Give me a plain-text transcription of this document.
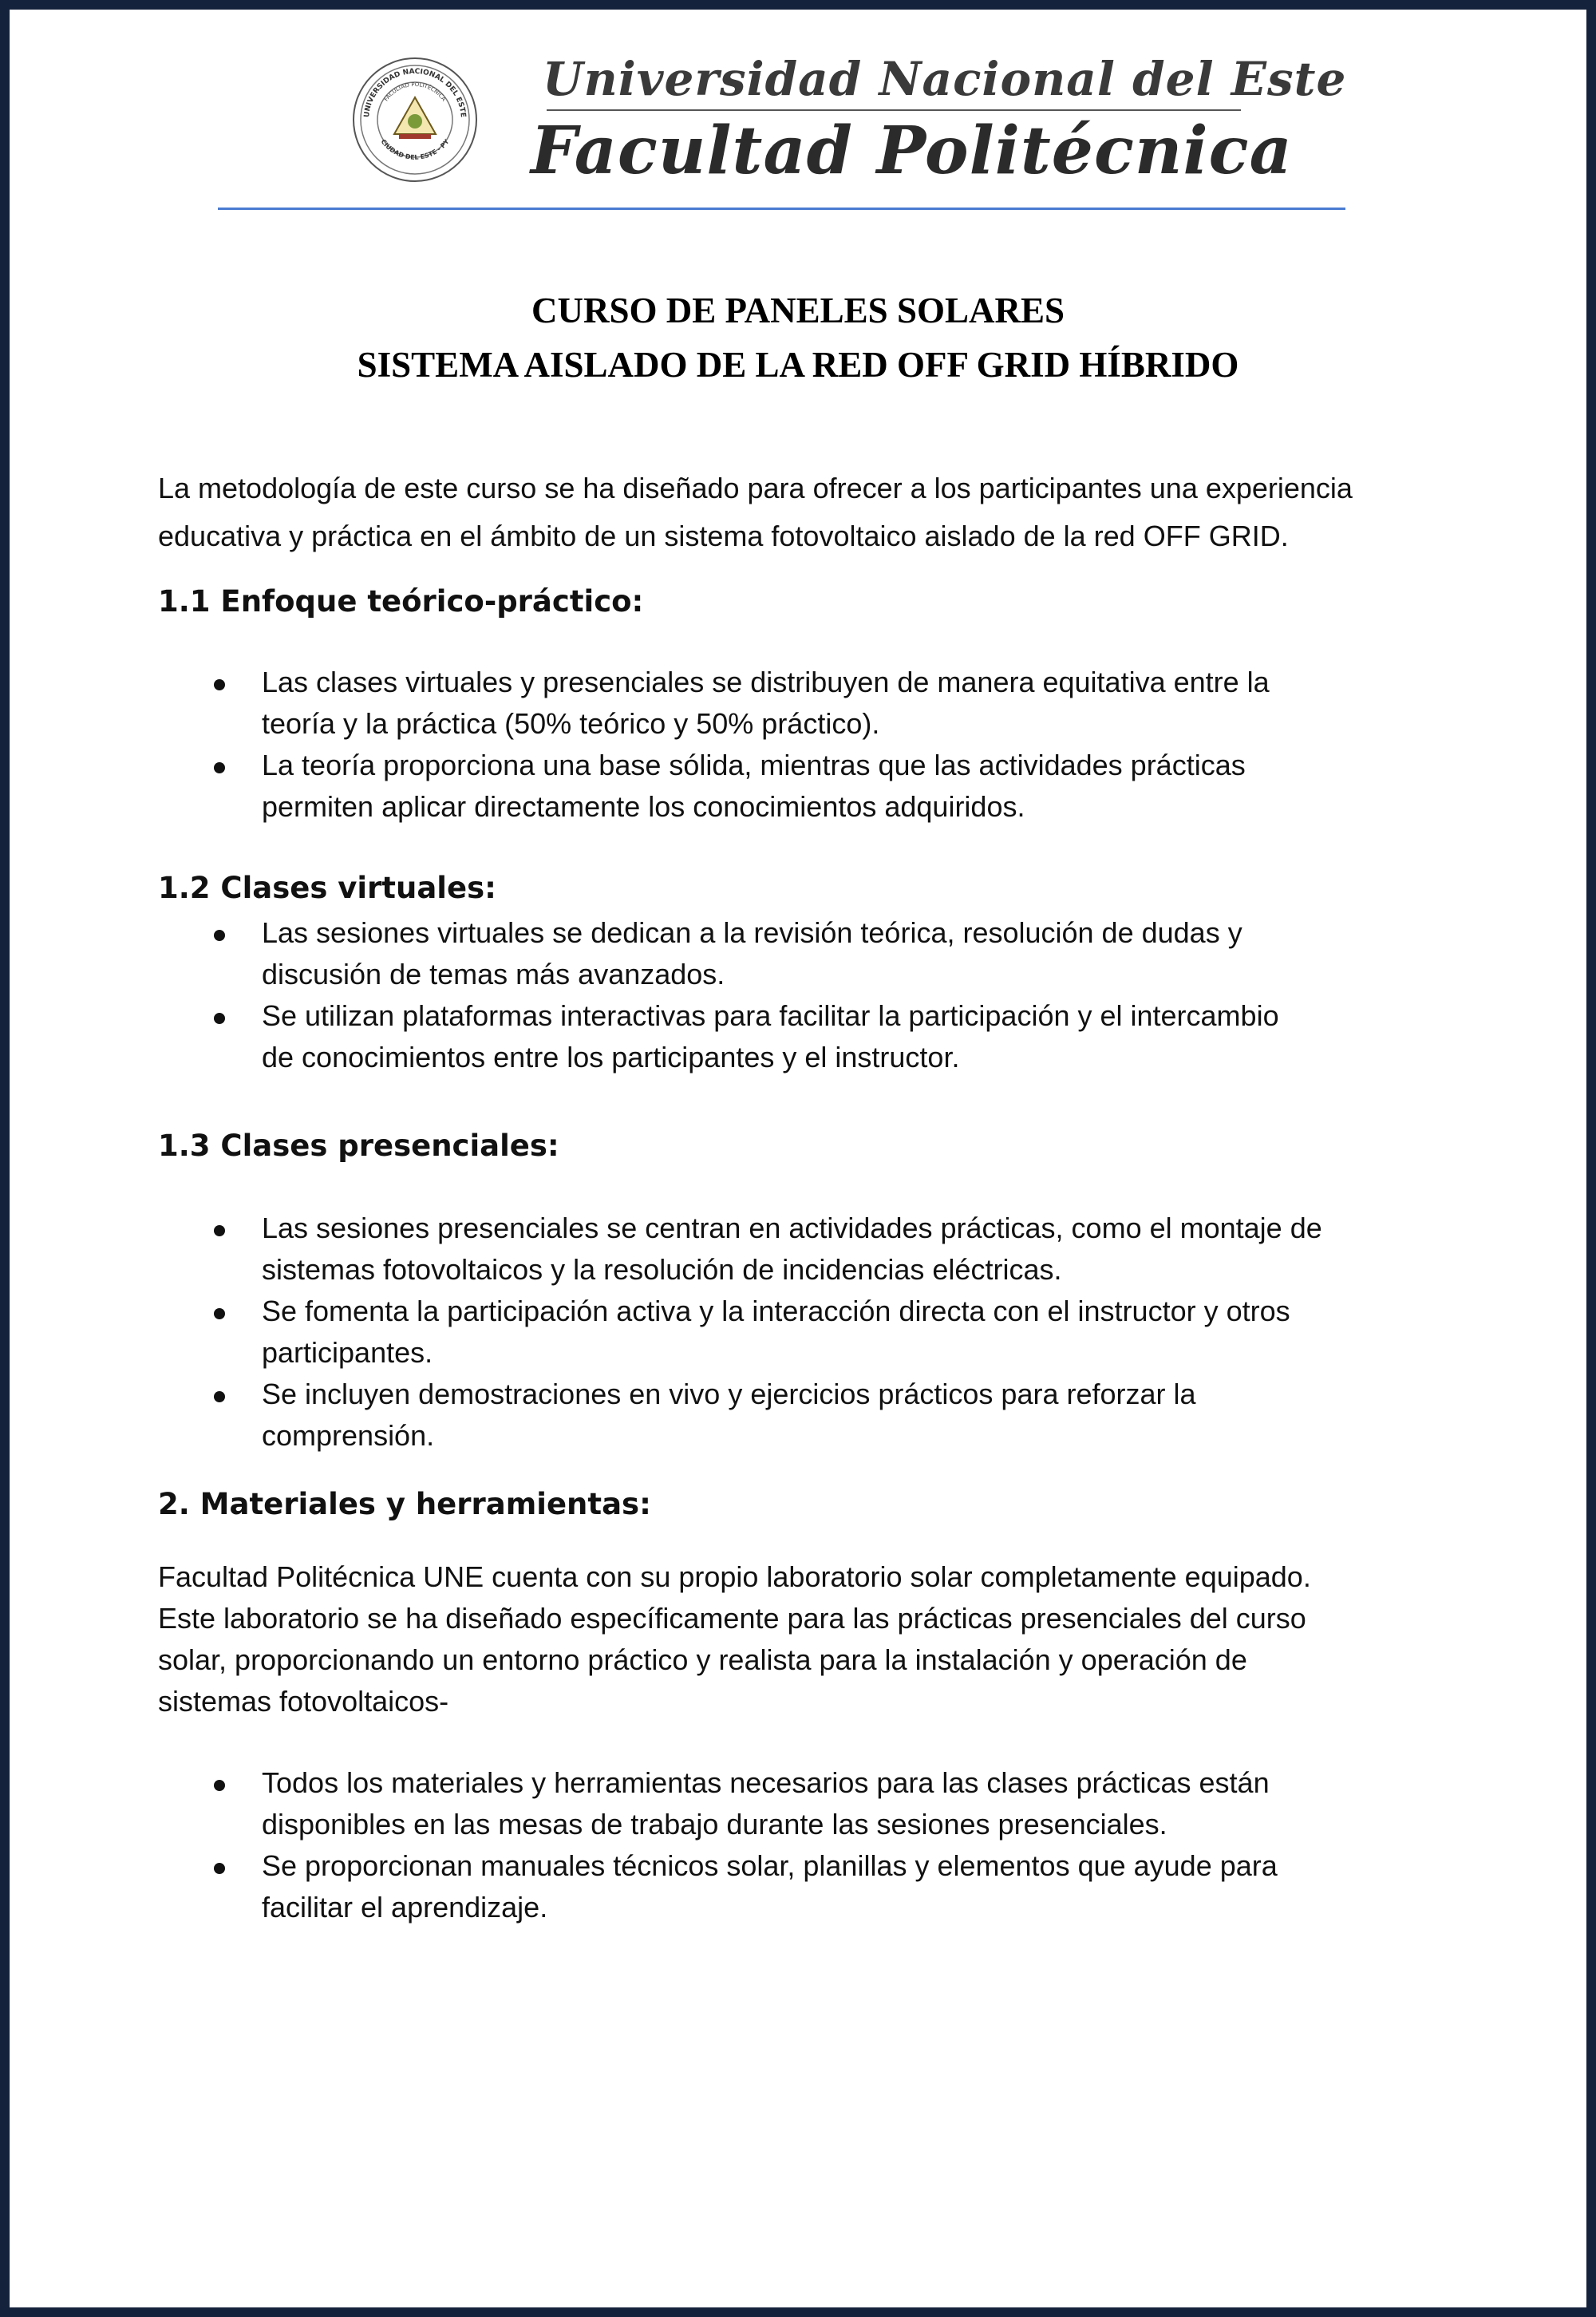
UNIVERSIDAD NACIONAL DEL ESTE
FACULTAD POLITÉCNICA
CIUDAD DEL ESTE - PY
Universidad Nacional del Este
Facultad Politécnica
CURSO DE PANELES SOLARES
SISTEMA AISLADO DE LA RED OFF GRID HÍBRIDO

La metodología de este curso se ha diseñado para ofrecer a los participantes una experiencia

educativa y práctica en el ámbito de un sistema fotovoltaico aislado de la red OFF GRID.

1.1 Enfoque teórico-práctico:
Las clases virtuales y presenciales se distribuyen de manera equitativa entre la
teoría y la práctica (50% teórico y 50% práctico).
La teoría proporciona una base sólida, mientras que las actividades prácticas
permiten aplicar directamente los conocimientos adquiridos.
1.2 Clases virtuales:
Las sesiones virtuales se dedican a la revisión teórica, resolución de dudas y
discusión de temas más avanzados.
Se utilizan plataformas interactivas para facilitar la participación y el intercambio
de conocimientos entre los participantes y el instructor.
1.3 Clases presenciales:
Las sesiones presenciales se centran en actividades prácticas, como el montaje de
sistemas fotovoltaicos y la resolución de incidencias eléctricas.
Se fomenta la participación activa y la interacción directa con el instructor y otros
participantes.
Se incluyen demostraciones en vivo y ejercicios prácticos para reforzar la
comprensión.
2. Materiales y herramientas:

Facultad Politécnica UNE cuenta con su propio laboratorio solar completamente equipado.

Este laboratorio se ha diseñado específicamente para las prácticas presenciales del curso

solar, proporcionando un entorno práctico y realista para la instalación y operación de

sistemas fotovoltaicos-

Todos los materiales y herramientas necesarios para las clases prácticas están
disponibles en las mesas de trabajo durante las sesiones presenciales.
Se proporcionan manuales técnicos solar, planillas y elementos que ayude para
facilitar el aprendizaje.
